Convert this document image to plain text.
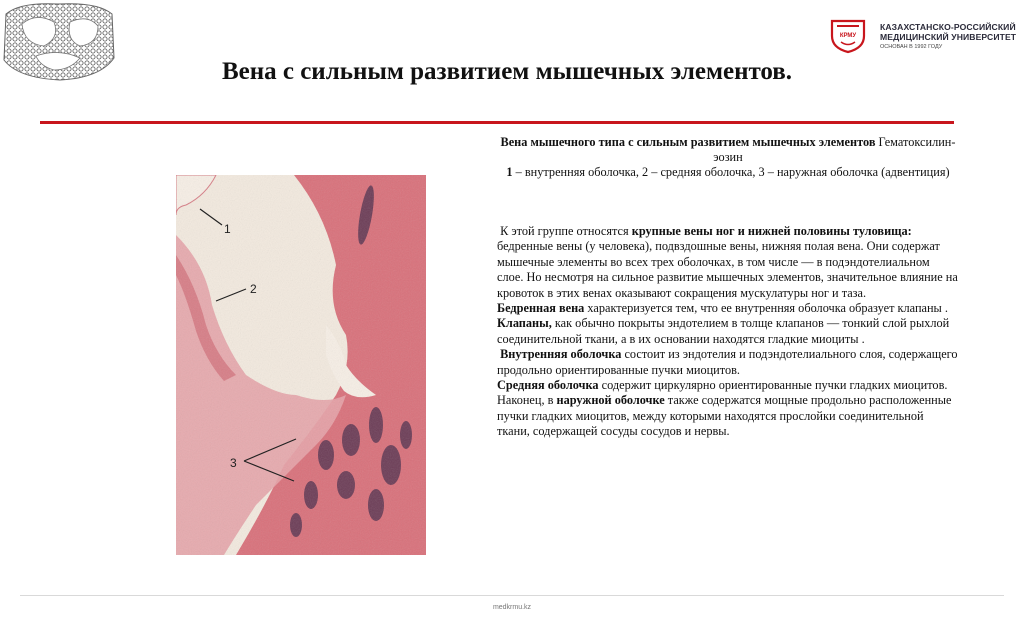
КРМУ
КАЗАХСТАНСКО-РОССИЙСКИЙ
МЕДИЦИНСКИЙ УНИВЕРСИТЕТ
ОСНОВАН В 1992 ГОДУ
Вена с сильным развитием мышечных элементов.
1
2
3
Вена мышечного типа с сильным развитием мышечных элементов Гематоксилин-эозин
1 – внутренняя оболочка, 2 – средняя оболочка, 3 – наружная оболочка (адвентиция)

К этой группе относятся крупные вены ног и нижней половины туловища: бедренные вены (у человека), подвздошные вены, нижняя полая вена. Они содержат мышечные элементы во всех трех оболочках, в том числе — в подэндотелиальном слое. Но несмотря на сильное развитие мышечных элементов, значительное влияние на кровоток в этих венах оказывают сокращения мускулатуры ног и таза.

Бедренная вена характеризуется тем, что ее внутренняя оболочка образует клапаны . Клапаны, как обычно покрыты эндотелием в толще клапанов — тонкий слой рыхлой соединительной ткани, а в их основании находятся гладкие миоциты .

Внутренняя оболочка состоит из эндотелия и подэндотелиального слоя, содержащего продольно ориентированные пучки миоцитов.

Средняя оболочка содержит циркулярно ориентированные пучки гладких миоцитов.

Наконец, в наружной оболочке также содержатся мощные продольно расположенные пучки гладких миоцитов, между которыми находятся прослойки соединительной ткани, содержащей сосуды сосудов и нервы.

medkrmu.kz
